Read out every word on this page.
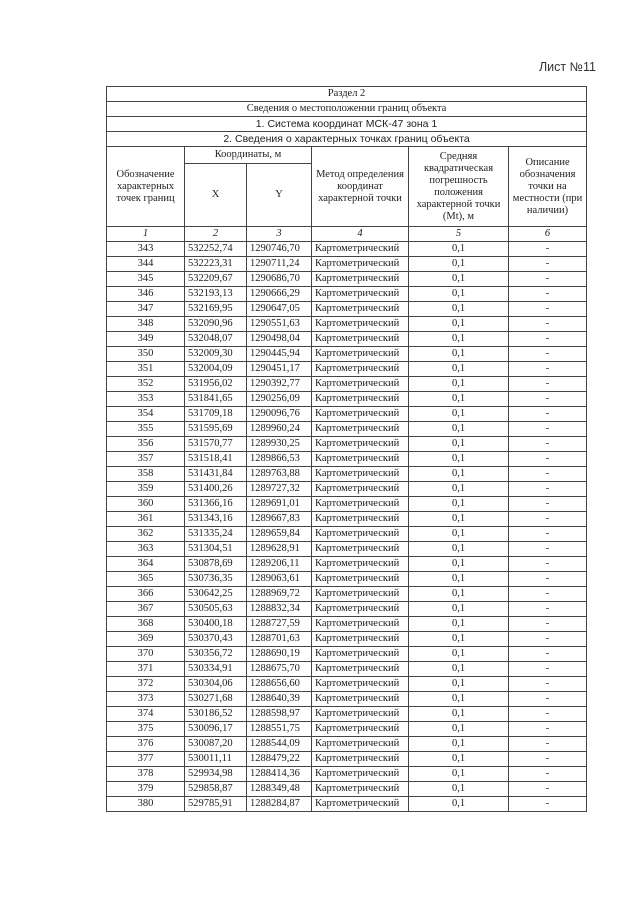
Лист №11
Раздел 2					
Сведения о местоположении границ объекта					
1. Система координат МСК-47 зона 1					
2. Сведения о характерных точках границ объекта					
Обозначение характерных точек границ	Координаты, м		Метод определения координат характерной точки	Средняя квадратическая погрешность положения характерной точки (Mt), м	Описание обозначения точки на местности (при наличии)
	X	Y			
1	2	3	4	5	6
343	532252,74	1290746,70	Картометрический	0,1	-
344	532223,31	1290711,24	Картометрический	0,1	-
345	532209,67	1290686,70	Картометрический	0,1	-
346	532193,13	1290666,29	Картометрический	0,1	-
347	532169,95	1290647,05	Картометрический	0,1	-
348	532090,96	1290551,63	Картометрический	0,1	-
349	532048,07	1290498,04	Картометрический	0,1	-
350	532009,30	1290445,94	Картометрический	0,1	-
351	532004,09	1290451,17	Картометрический	0,1	-
352	531956,02	1290392,77	Картометрический	0,1	-
353	531841,65	1290256,09	Картометрический	0,1	-
354	531709,18	1290096,76	Картометрический	0,1	-
355	531595,69	1289960,24	Картометрический	0,1	-
356	531570,77	1289930,25	Картометрический	0,1	-
357	531518,41	1289866,53	Картометрический	0,1	-
358	531431,84	1289763,88	Картометрический	0,1	-
359	531400,26	1289727,32	Картометрический	0,1	-
360	531366,16	1289691,01	Картометрический	0,1	-
361	531343,16	1289667,83	Картометрический	0,1	-
362	531335,24	1289659,84	Картометрический	0,1	-
363	531304,51	1289628,91	Картометрический	0,1	-
364	530878,69	1289206,11	Картометрический	0,1	-
365	530736,35	1289063,61	Картометрический	0,1	-
366	530642,25	1288969,72	Картометрический	0,1	-
367	530505,63	1288832,34	Картометрический	0,1	-
368	530400,18	1288727,59	Картометрический	0,1	-
369	530370,43	1288701,63	Картометрический	0,1	-
370	530356,72	1288690,19	Картометрический	0,1	-
371	530334,91	1288675,70	Картометрический	0,1	-
372	530304,06	1288656,60	Картометрический	0,1	-
373	530271,68	1288640,39	Картометрический	0,1	-
374	530186,52	1288598,97	Картометрический	0,1	-
375	530096,17	1288551,75	Картометрический	0,1	-
376	530087,20	1288544,09	Картометрический	0,1	-
377	530011,11	1288479,22	Картометрический	0,1	-
378	529934,98	1288414,36	Картометрический	0,1	-
379	529858,87	1288349,48	Картометрический	0,1	-
380	529785,91	1288284,87	Картометрический	0,1	-
